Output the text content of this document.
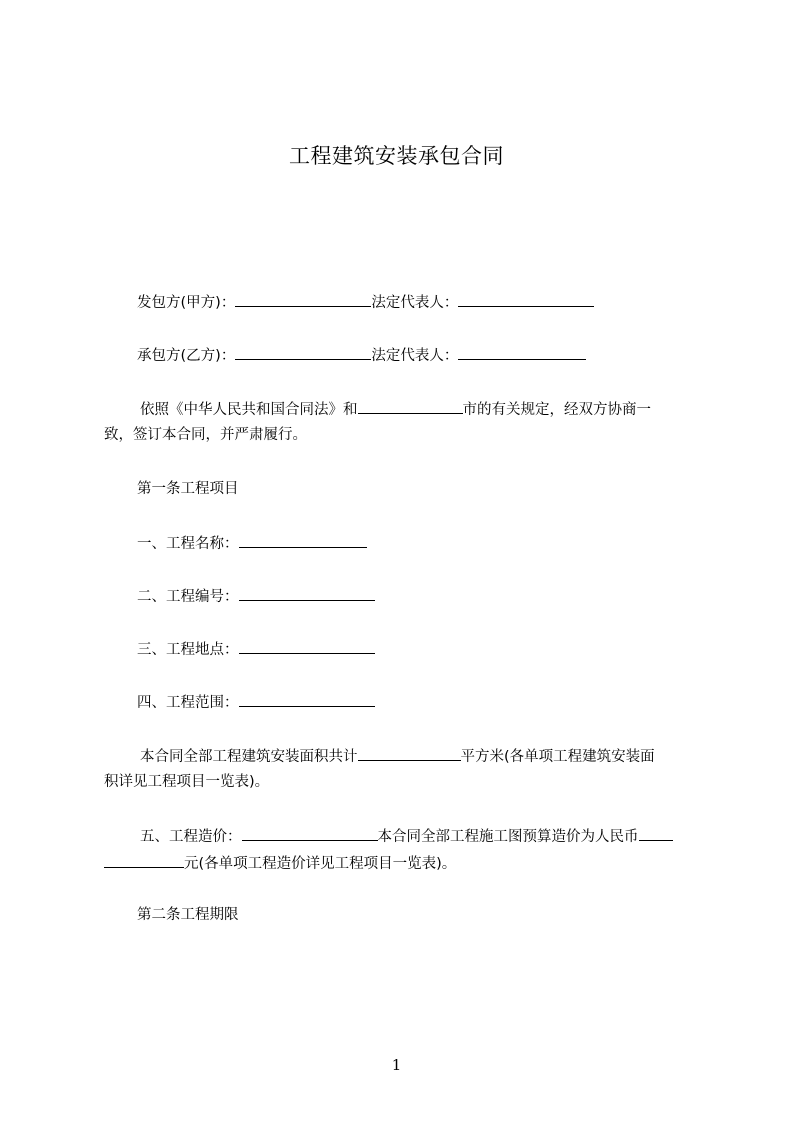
工程建筑安装承包合同
发包方(甲方)：	法定代表人：
承包方(乙方)：	法定代表人：
依照《中华人民共和国合同法》和	市的有关规定，经双方协商一
致，签订本合同，并严肃履行。
第一条工程项目
一、工程名称：
二、工程编号：
三、工程地点：
四、工程范围：
本合同全部工程建筑安装面积共计	平方米(各单项工程建筑安装面
积详见工程项目一览表)。
五、工程造价：	本合同全部工程施工图预算造价为人民币
元(各单项工程造价详见工程项目一览表)。
第二条工程期限
1
